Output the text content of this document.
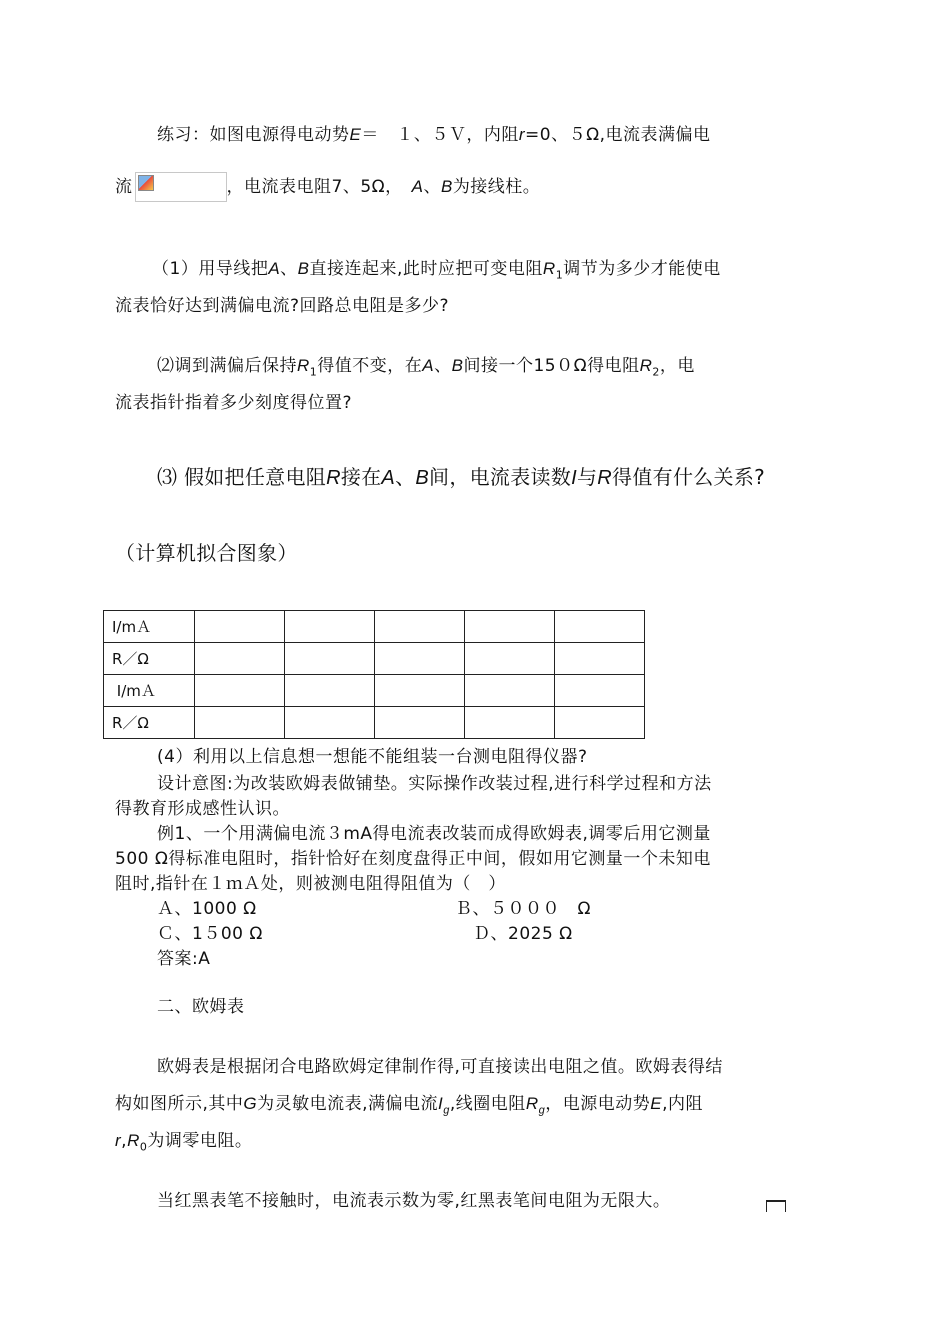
练习：如图电源得电动势E＝　１、５Ｖ，内阻r=0、５Ω,电流表满偏电
流	，电流表电阻7、5Ω，　A、B为接线柱。
（1）用导线把A、B直接连起来,此时应把可变电阻$R_1$调节为多少才能使电
流表恰好达到满偏电流?回路总电阻是多少?
⑵调到满偏后保持$R_1$得值不变，在A、B间接一个15０Ω得电阻$R_2$，电
流表指针指着多少刻度得位置?
⑶ 假如把任意电阻R接在A、B间，电流表读数I与R得值有什么关系?
（计算机拟合图象）
I/mＡ					
R／Ω					
I/mＡ					
R／Ω					
(4）利用以上信息想一想能不能组装一台测电阻得仪器?
设计意图:为改装欧姆表做铺垫。实际操作改装过程,进行科学过程和方法
得教育形成感性认识。
例1、一个用满偏电流３mA得电流表改装而成得欧姆表,调零后用它测量
500 Ω得标准电阻时，指针恰好在刻度盘得正中间，假如用它测量一个未知电
阻时,指针在１ｍＡ处，则被测电阻得阻值为（　）
Ａ、1000 Ω	Ｂ、５０００　Ω
Ｃ、1５00 Ω	Ｄ、2025 Ω
答案:A
二、欧姆表
欧姆表是根据闭合电路欧姆定律制作得,可直接读出电阻之值。欧姆表得结
构如图所示,其中G为灵敏电流表,满偏电流$I_g$,线圈电阻$R_g$，电源电动势E,内阻
$r,R_0$为调零电阻。
当红黑表笔不接触时，电流表示数为零,红黑表笔间电阻为无限大。
